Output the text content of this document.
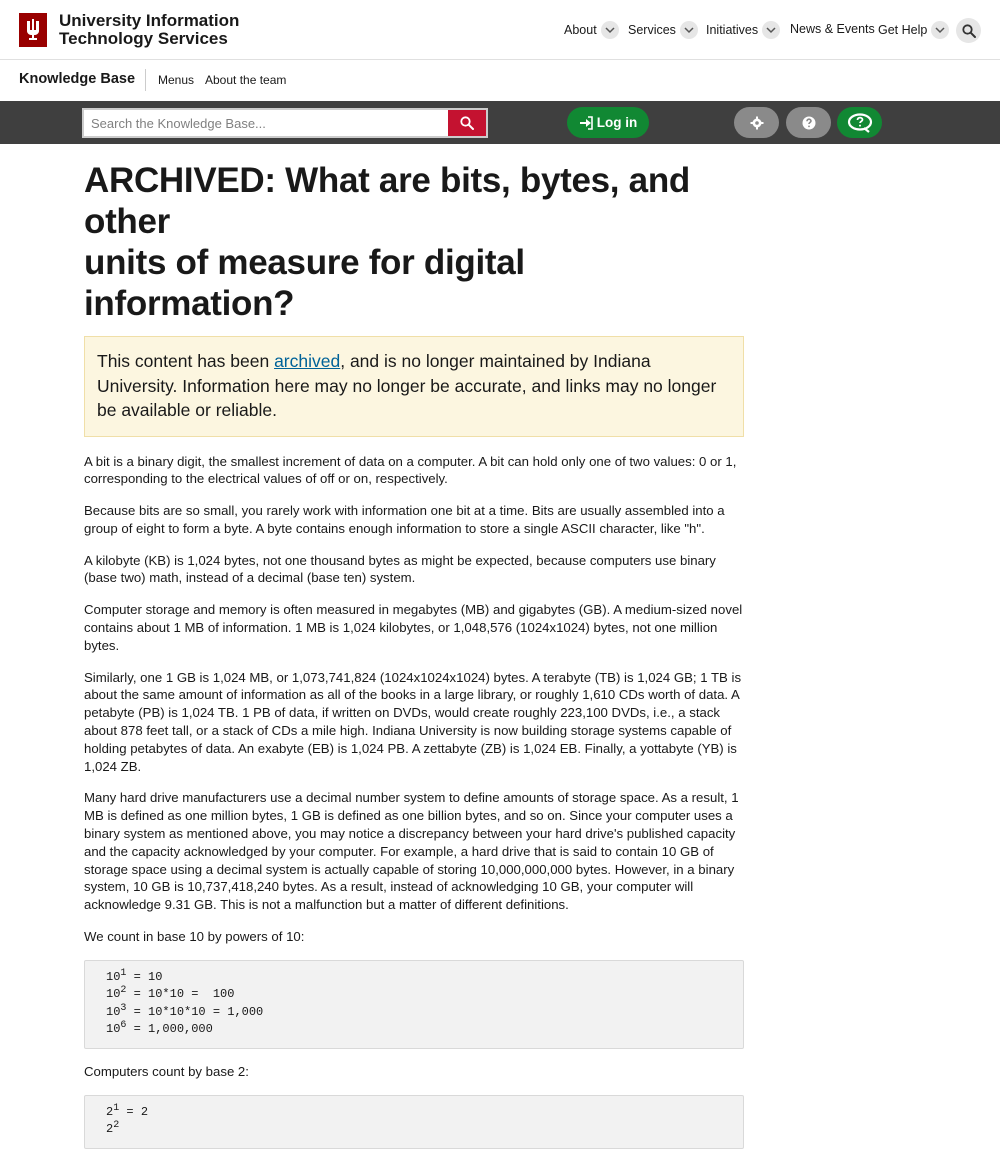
University Information
Technology Services	About	Services Initiatives	News & Events Get Help
Knowledge Base Menus About the team
Search the Knowledge Base...
Log in
ARCHIVED: What are bits, bytes, and other
units of measure for digital information?
This content has been archived, and is no longer maintained by Indiana University. Information here may no longer be accurate, and links may no longer be available or reliable.

A bit is a binary digit, the smallest increment of data on a computer. A bit can hold only one of two values: 0 or 1, corresponding to the electrical values of off or on, respectively.

Because bits are so small, you rarely work with information one bit at a time. Bits are usually assembled into a group of eight to form a byte. A byte contains enough information to store a single ASCII character, like "h".

A kilobyte (KB) is 1,024 bytes, not one thousand bytes as might be expected, because computers use binary (base two) math, instead of a decimal (base ten) system.

Computer storage and memory is often measured in megabytes (MB) and gigabytes (GB). A medium-sized novel contains about 1 MB of information. 1 MB is 1,024 kilobytes, or 1,048,576 (1024x1024) bytes, not one million bytes.

Similarly, one 1 GB is 1,024 MB, or 1,073,741,824 (1024x1024x1024) bytes. A terabyte (TB) is 1,024 GB; 1 TB is about the same amount of information as all of the books in a large library, or roughly 1,610 CDs worth of data. A petabyte (PB) is 1,024 TB. 1 PB of data, if written on DVDs, would create roughly 223,100 DVDs, i.e., a stack about 878 feet tall, or a stack of CDs a mile high. Indiana University is now building storage systems capable of holding petabytes of data. An exabyte (EB) is 1,024 PB. A zettabyte (ZB) is 1,024 EB. Finally, a yottabyte (YB) is 1,024 ZB.

Many hard drive manufacturers use a decimal number system to define amounts of storage space. As a result, 1 MB is defined as one million bytes, 1 GB is defined as one billion bytes, and so on. Since your computer uses a binary system as mentioned above, you may notice a discrepancy between your hard drive's published capacity and the capacity acknowledged by your computer. For example, a hard drive that is said to contain 10 GB of storage space using a decimal system is actually capable of storing 10,000,000,000 bytes. However, in a binary system, 10 GB is 10,737,418,240 bytes. As a result, instead of acknowledging 10 GB, your computer will acknowledge 9.31 GB. This is not a malfunction but a matter of different definitions.

We count in base 10 by powers of 10:

$10^1 = 10$
$10^2 = 10*10 = 100$
$10^3 = 10*10*10 = 1,000$
$10^6 = 1,000,000$

Computers count by base 2:

$2^1 = 2$
$2^2$
